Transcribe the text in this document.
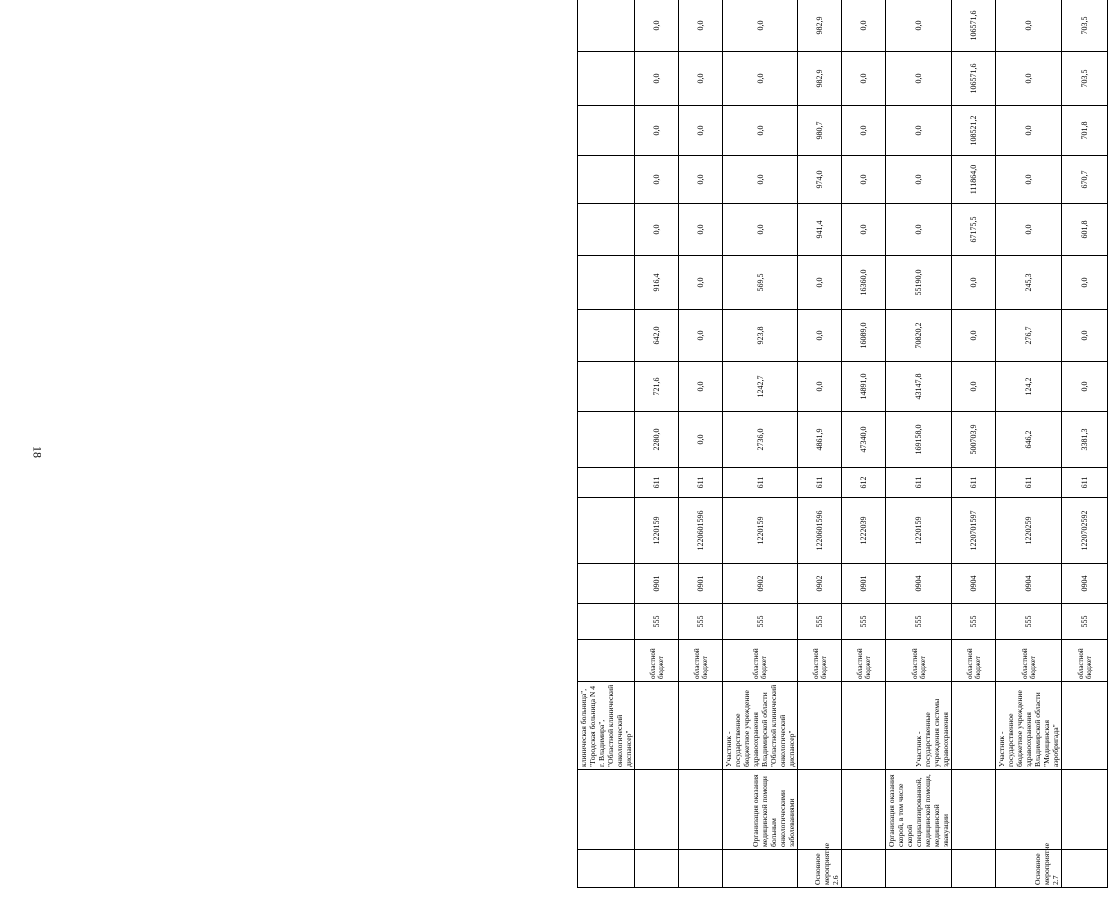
18
		клиническая больница", "Городская больница N 4 г. Владимира", "Областной клинический онкологический диспансер"															
			областной бюджет	555	0901	1220159	611	2280,0	721,6	642,0	916,4	0,0	0,0	0,0	0,0	0,0	
			областной бюджет	555	0901	1220601596	611	0,0	0,0	0,0	0,0	0,0	0,0	0,0	0,0	0,0	
	Организация оказания медицинской помощи больным онкологическими заболеваниями	Участник - государственное бюджетное учреждение здравоохранения Владимирской области "Областной клинический онкологический диспансер"	областной бюджет	555	0902	1220159	611	2736,0	1242,7	923,8	569,5	0,0	0,0	0,0	0,0	0,0	
Основное мероприятие 2.6			областной бюджет	555	0902	1220601596	611	4861,9	0,0	0,0	0,0	941,4	974,0	980,7	982,9	982,9	
			областной бюджет	555	0901	1222039	612	47340,0	14891,0	16089,0	16360,0	0,0	0,0	0,0	0,0	0,0	
	Организация оказания скорой, в том числе скорой специализированной, медицинской помощи, медицинской эвакуации	Участник - государственные учреждения системы здравоохранения	областной бюджет	555	0904	1220159	611	169158,0	43147,8	70820,2	55190,0	0,0	0,0	0,0	0,0	0,0	
			областной бюджет	555	0904	1220701597	611	500703,9	0,0	0,0	0,0	67175,5	111864,0	108521,2	106571,6	106571,6	
Основное мероприятие 2.7		Участник - государственное бюджетное учреждение здравоохранения Владимирской области "Медицинская аэробригада"	областной бюджет	555	0904	1220259	611	646,2	124,2	276,7	245,3	0,0	0,0	0,0	0,0	0,0	
			областной бюджет	555	0904	1220702592	611	3381,3	0,0	0,0	0,0	601,8	670,7	701,8	703,5	703,5	
